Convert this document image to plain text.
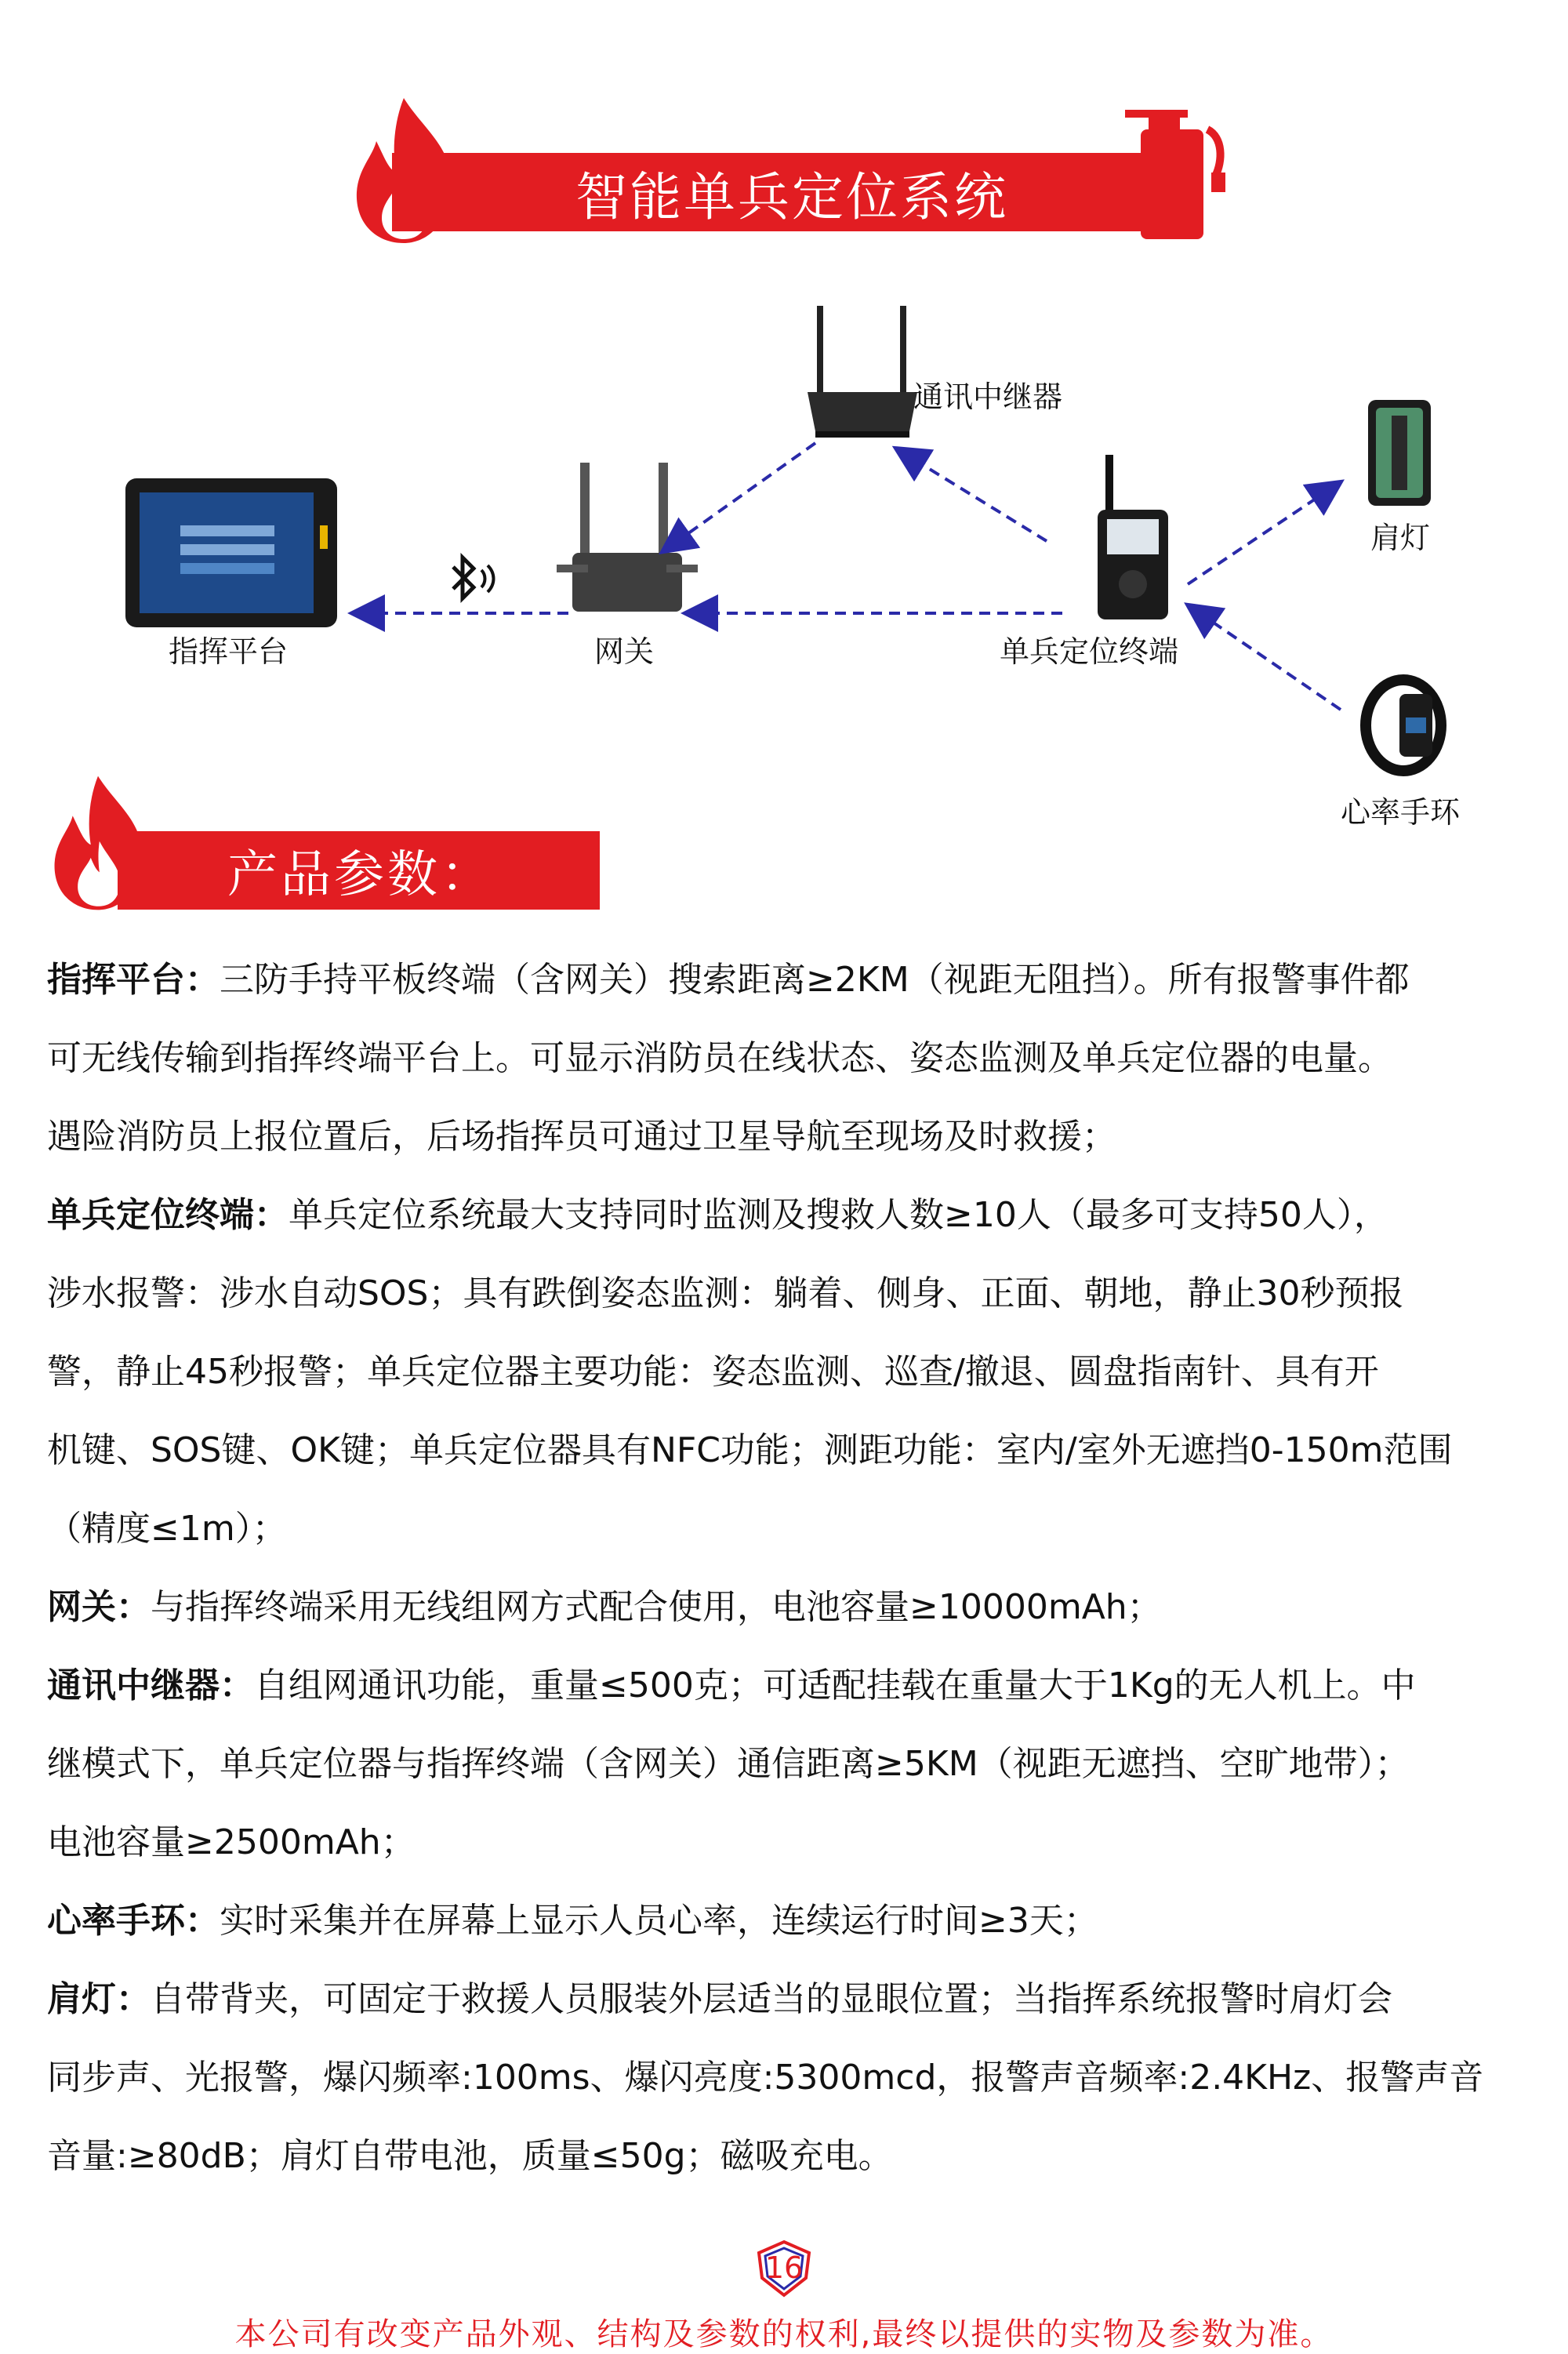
智能单兵定位系统
通讯中继器
指挥平台	网关	单兵定位终端
肩灯
心率手环
产品参数：
指挥平台：三防手持平板终端（含网关）搜索距离≥2KM（视距无阻挡）。所有报警事件都
可无线传输到指挥终端平台上。可显示消防员在线状态、姿态监测及单兵定位器的电量。
遇险消防员上报位置后，后场指挥员可通过卫星导航至现场及时救援；
单兵定位终端：单兵定位系统最大支持同时监测及搜救人数≥10人（最多可支持50人），
涉水报警：涉水自动SOS；具有跌倒姿态监测：躺着、侧身、正面、朝地，静止30秒预报
警，静止45秒报警；单兵定位器主要功能：姿态监测、巡查/撤退、圆盘指南针、具有开
机键、SOS键、OK键；单兵定位器具有NFC功能；测距功能：室内/室外无遮挡0-150m范围
（精度≤1m）；
网关：与指挥终端采用无线组网方式配合使用，电池容量≥10000mAh；
通讯中继器：自组网通讯功能，重量≤500克；可适配挂载在重量大于1Kg的无人机上。中
继模式下，单兵定位器与指挥终端（含网关）通信距离≥5KM（视距无遮挡、空旷地带）；
电池容量≥2500mAh；
心率手环：实时采集并在屏幕上显示人员心率，连续运行时间≥3天；
肩灯：自带背夹，可固定于救援人员服装外层适当的显眼位置；当指挥系统报警时肩灯会
同步声、光报警，爆闪频率:100ms、爆闪亮度:5300mcd，报警声音频率:2.4KHz、报警声音
音量:≥80dB；肩灯自带电池，质量≤50g；磁吸充电。
16
本公司有改变产品外观、结构及参数的权利,最终以提供的实物及参数为准。
